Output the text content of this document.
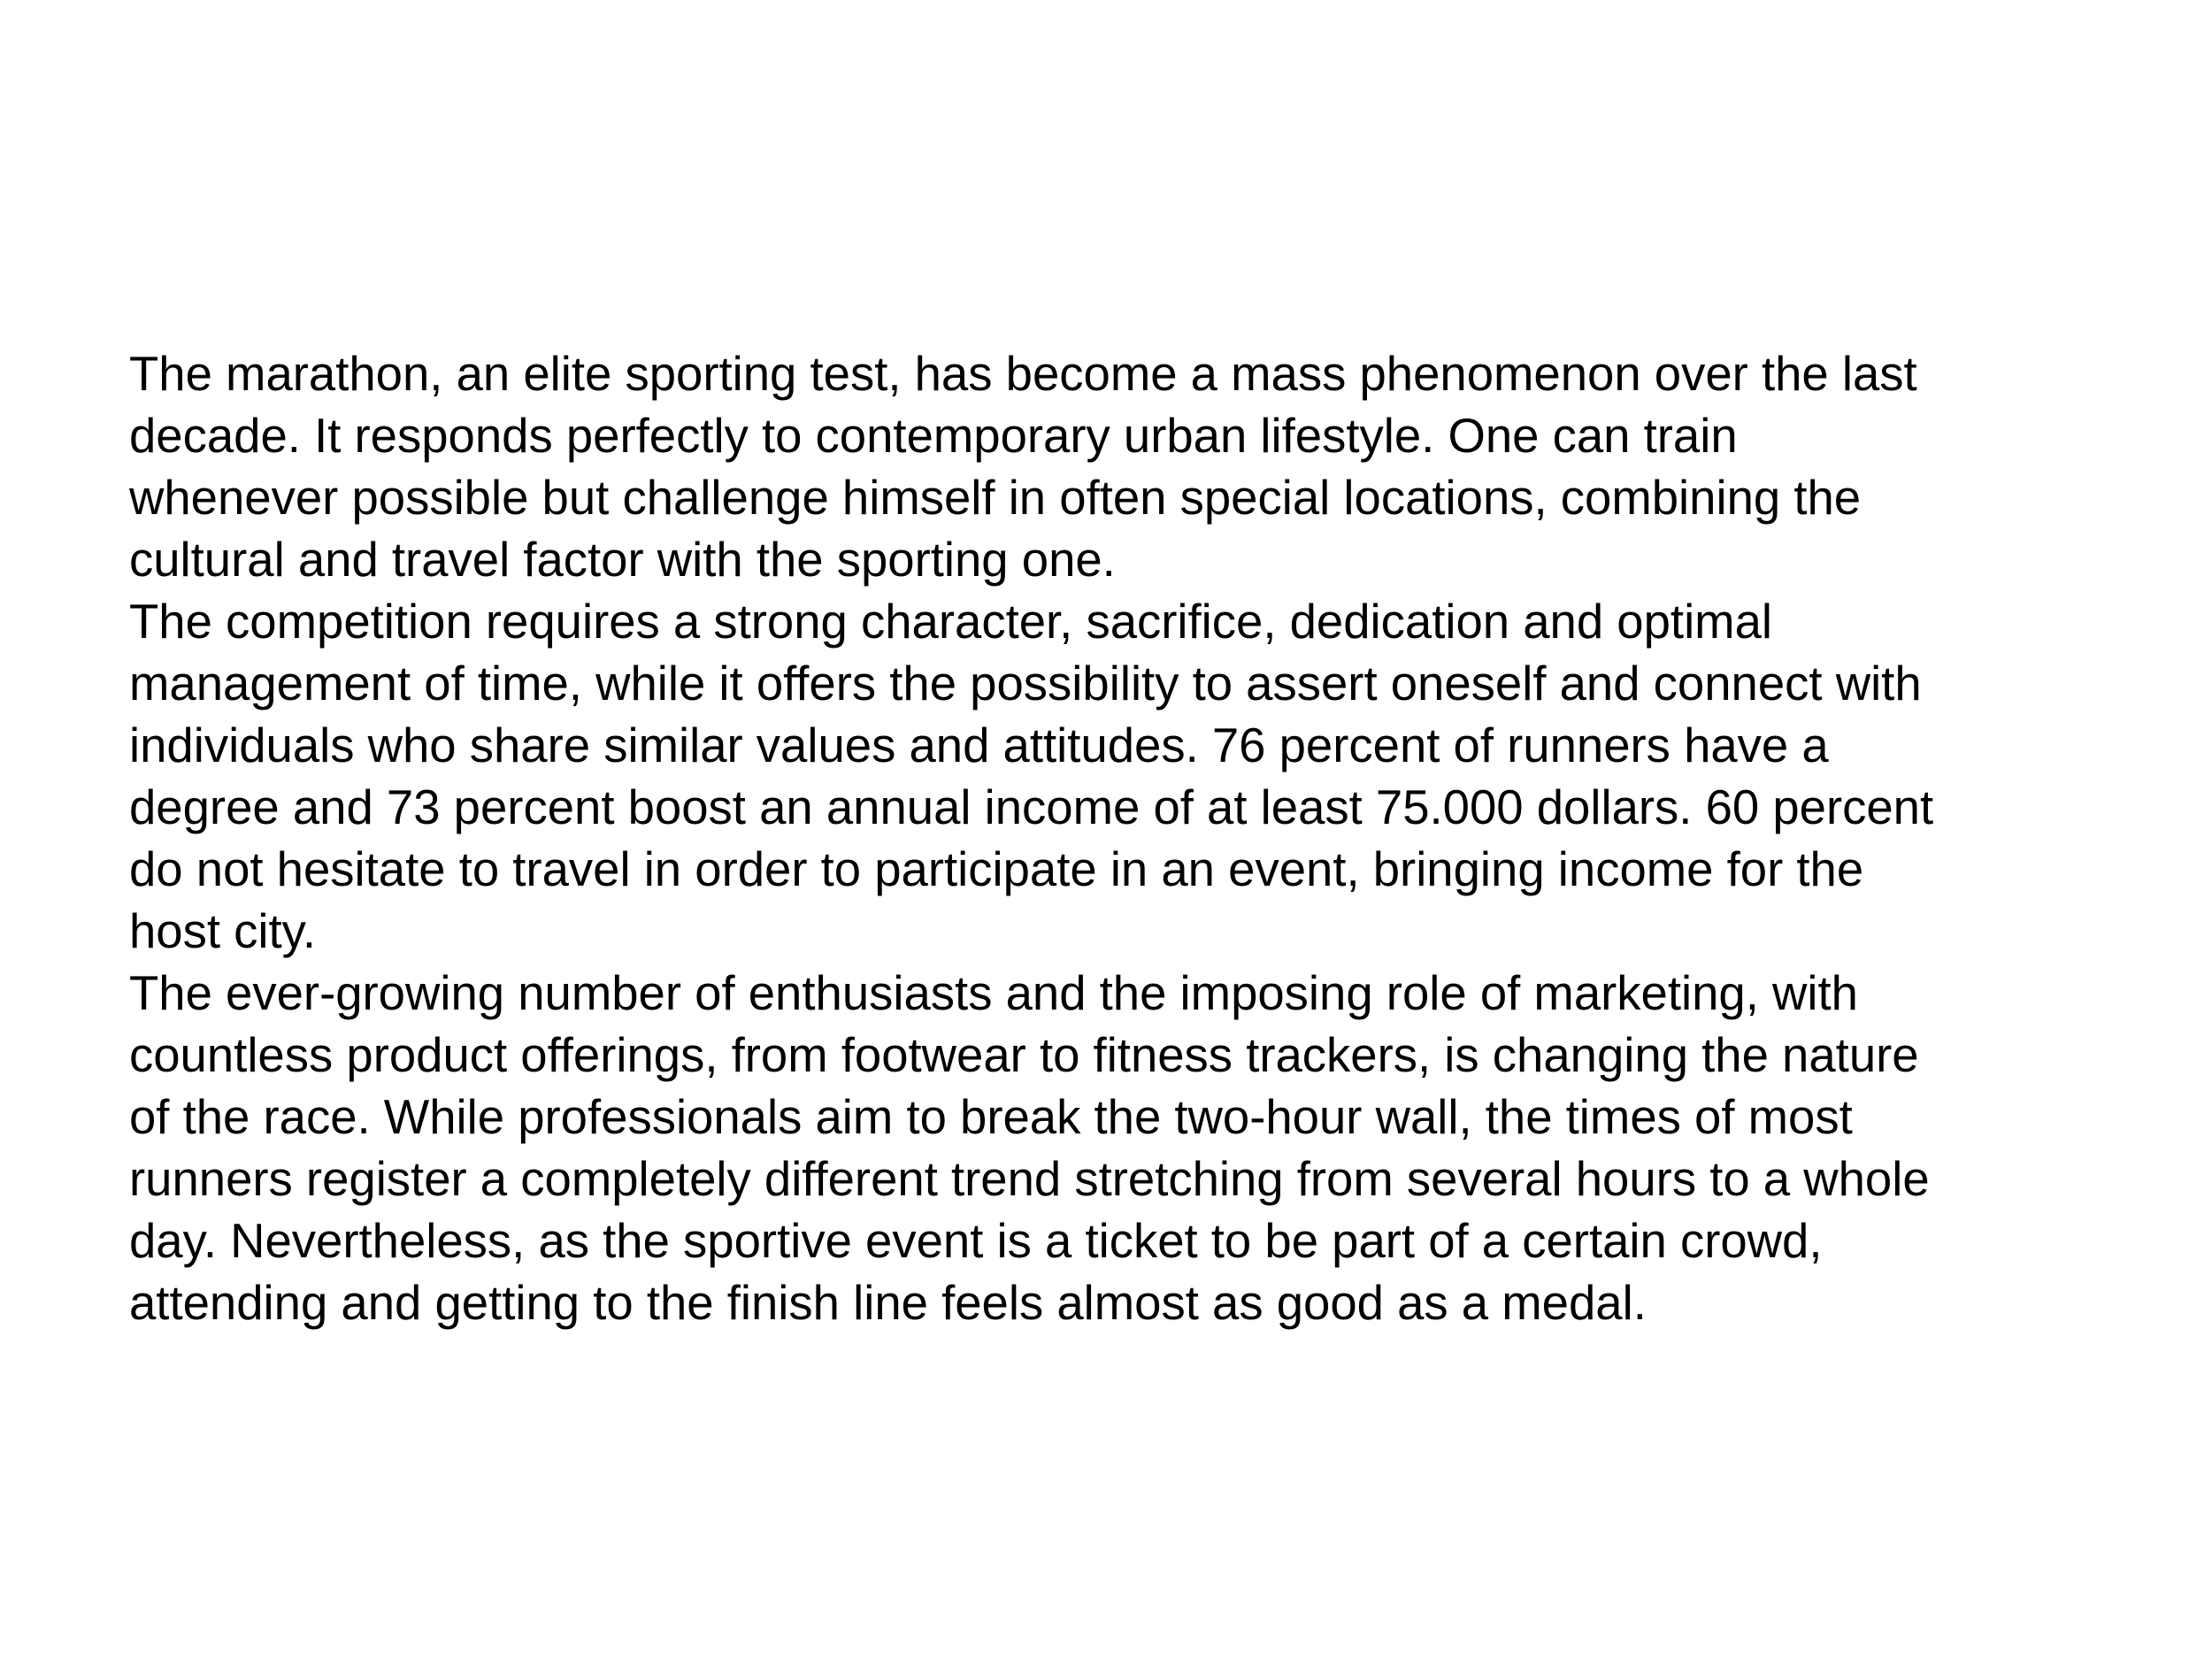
The marathon, an elite sporting test, has become a mass phenomenon over the last
decade. It responds perfectly to contemporary urban lifestyle. One can train
whenever possible but challenge himself in often special locations, combining the
cultural and travel factor with the sporting one.
The competition requires a strong character, sacrifice, dedication and optimal
management of time, while it offers the possibility to assert oneself and connect with
individuals who share similar values and attitudes. 76 percent of runners have a
degree and 73 percent boost an annual income of at least 75.000 dollars. 60 percent
do not hesitate to travel in order to participate in an event, bringing income for the
host city.
The ever-growing number of enthusiasts and the imposing role of marketing, with
countless product offerings, from footwear to fitness trackers, is changing the nature
of the race. While professionals aim to break the two-hour wall, the times of most
runners register a completely different trend stretching from several hours to a whole
day. Nevertheless, as the sportive event is a ticket to be part of a certain crowd,
attending and getting to the finish line feels almost as good as a medal.
